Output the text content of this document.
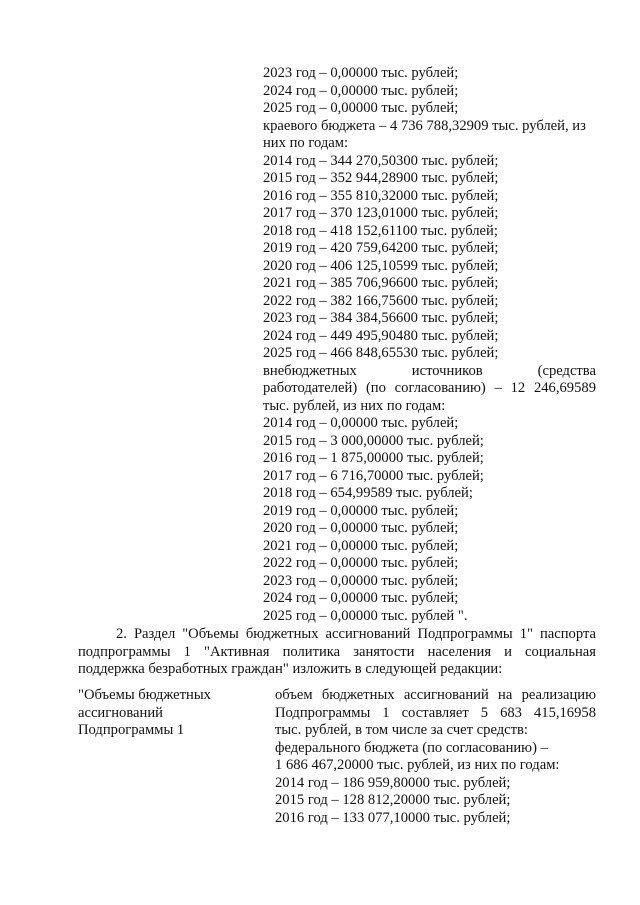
2023 год – 0,00000 тыс. рублей;
2024 год – 0,00000 тыс. рублей;
2025 год – 0,00000 тыс. рублей;
краевого бюджета – 4 736 788,32909 тыс. рублей, из
них по годам:
2014 год – 344 270,50300 тыс. рублей;
2015 год – 352 944,28900 тыс. рублей;
2016 год – 355 810,32000 тыс. рублей;
2017 год – 370 123,01000 тыс. рублей;
2018 год – 418 152,61100 тыс. рублей;
2019 год – 420 759,64200 тыс. рублей;
2020 год – 406 125,10599 тыс. рублей;
2021 год – 385 706,96600 тыс. рублей;
2022 год – 382 166,75600 тыс. рублей;
2023 год – 384 384,56600 тыс. рублей;
2024 год – 449 495,90480 тыс. рублей;
2025 год – 466 848,65530 тыс. рублей;
внебюджетных источников (средства
работодателей) (по согласованию) – 12 246,69589
тыс. рублей, из них по годам:
2014 год – 0,00000 тыс. рублей;
2015 год – 3 000,00000 тыс. рублей;
2016 год – 1 875,00000 тыс. рублей;
2017 год – 6 716,70000 тыс. рублей;
2018 год – 654,99589 тыс. рублей;
2019 год – 0,00000 тыс. рублей;
2020 год – 0,00000 тыс. рублей;
2021 год – 0,00000 тыс. рублей;
2022 год – 0,00000 тыс. рублей;
2023 год – 0,00000 тыс. рублей;
2024 год – 0,00000 тыс. рублей;
2025 год – 0,00000 тыс. рублей ".
2. Раздел "Объемы бюджетных ассигнований Подпрограммы 1" паспорта
подпрограммы 1 "Активная политика занятости населения и социальная
поддержка безработных граждан" изложить в следующей редакции:
"Объемы бюджетных
ассигнований
Подпрограммы 1
объем бюджетных ассигнований на реализацию
Подпрограммы 1 составляет 5 683 415,16958
тыс. рублей, в том числе за счет средств:
федерального бюджета (по согласованию) –
1 686 467,20000 тыс. рублей, из них по годам:
2014 год – 186 959,80000 тыс. рублей;
2015 год – 128 812,20000 тыс. рублей;
2016 год – 133 077,10000 тыс. рублей;
